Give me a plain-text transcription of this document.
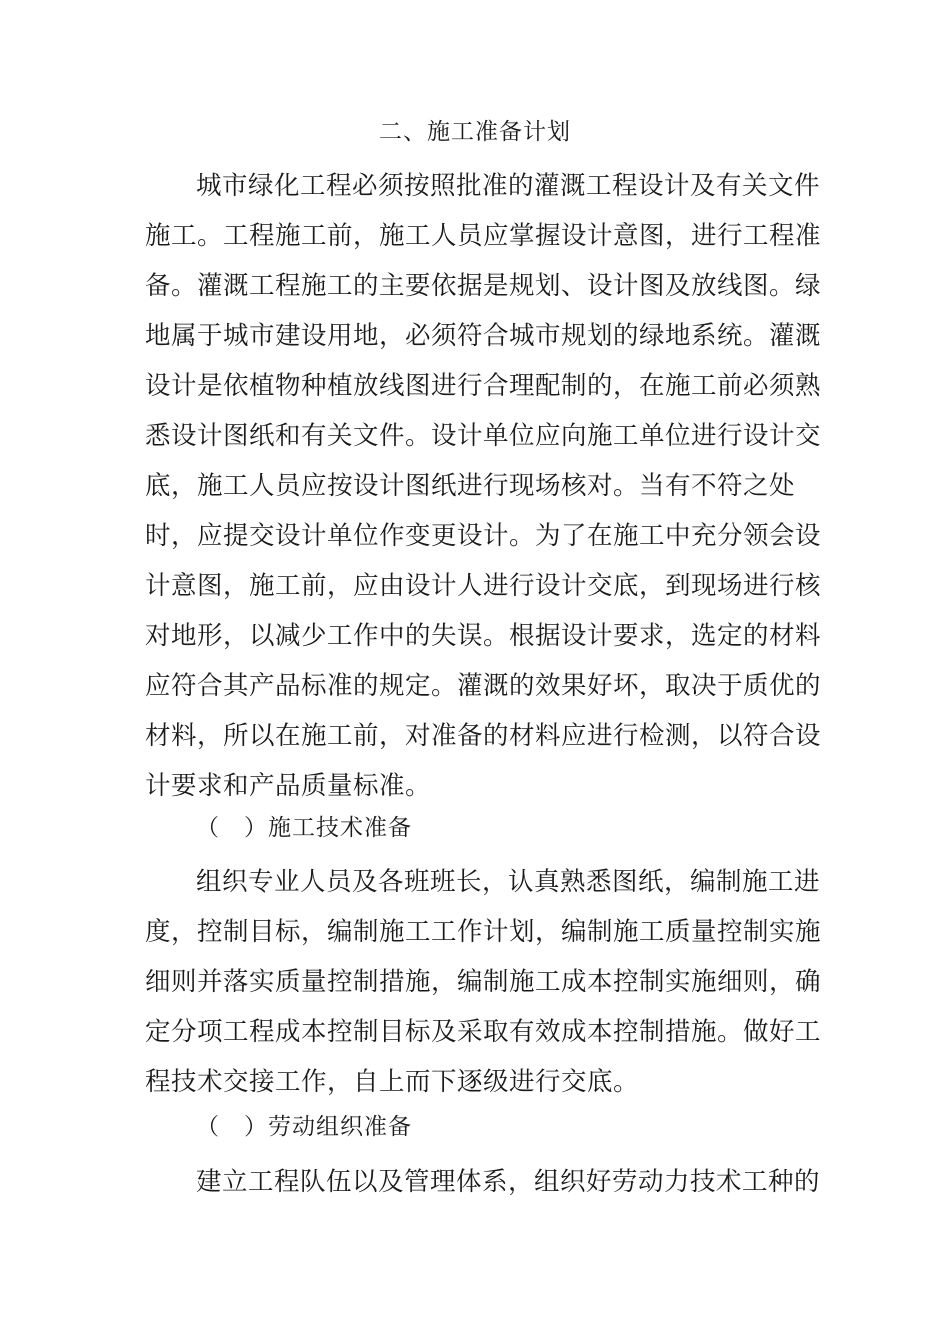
二、施工准备计划
城市绿化工程必须按照批准的灌溉工程设计及有关文件施工。工程施工前，施工人员应掌握设计意图，进行工程准备。灌溉工程施工的主要依据是规划、设计图及放线图。绿地属于城市建设用地，必须符合城市规划的绿地系统。灌溉设计是依植物种植放线图进行合理配制的，在施工前必须熟悉设计图纸和有关文件。设计单位应向施工单位进行设计交底，施工人员应按设计图纸进行现场核对。当有不符之处时，应提交设计单位作变更设计。为了在施工中充分领会设计意图，施工前，应由设计人进行设计交底，到现场进行核对地形，以减少工作中的失误。根据设计要求，选定的材料应符合其产品标准的规定。灌溉的效果好坏，取决于质优的材料，所以在施工前，对准备的材料应进行检测，以符合设计要求和产品质量标准。
（　）施工技术准备
组织专业人员及各班班长，认真熟悉图纸，编制施工进度，控制目标，编制施工工作计划，编制施工质量控制实施细则并落实质量控制措施，编制施工成本控制实施细则，确定分项工程成本控制目标及采取有效成本控制措施。做好工程技术交接工作，自上而下逐级进行交底。
（　）劳动组织准备
建立工程队伍以及管理体系，组织好劳动力技术工种的
